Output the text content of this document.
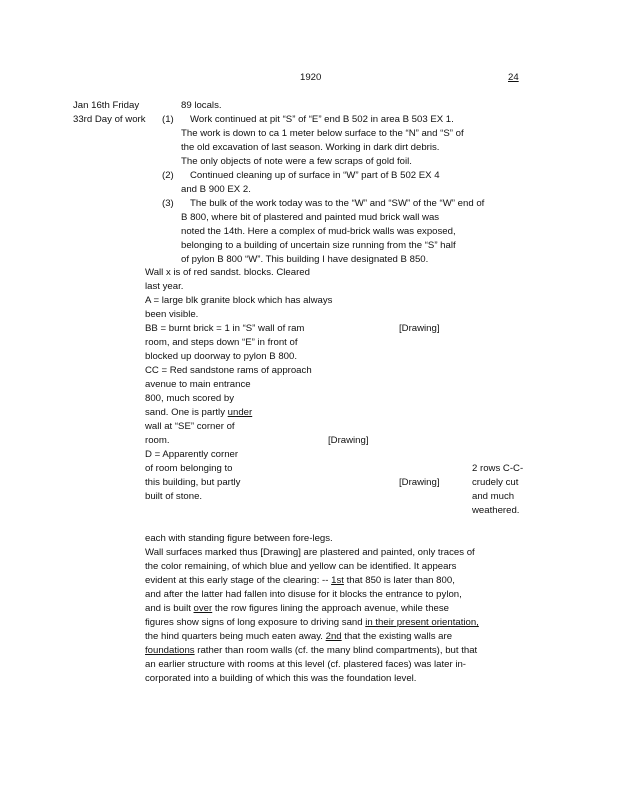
1920	24
Jan 16th Friday
33rd Day of work
89 locals.
(1) Work continued at pit “S” of “E” end B 502 in area B 503 EX 1.
The work is down to ca 1 meter below surface to the “N” and “S” of
the old excavation of last season. Working in dark dirt debris.
The only objects of note were a few scraps of gold foil.
(2) Continued cleaning up of surface in “W” part of B 502 EX 4
and B 900 EX 2.
(3) The bulk of the work today was to the “W” and “SW” of the “W” end of
B 800, where bit of plastered and painted mud brick wall was
noted the 14th. Here a complex of mud-brick walls was exposed,
belonging to a building of uncertain size running from the “S” half
of pylon B 800 “W”. This building I have designated B 850.
Wall x is of red sandst. blocks. Cleared
last year.
A = large blk granite block which has always
been visible.
BB = burnt brick = 1 in “S” wall of ram
room, and steps down “E” in front of
blocked up doorway to pylon B 800.
CC = Red sandstone rams of approach
avenue to main entrance
800, much scored by
sand. One is partly under
wall at “SE” corner of
room.
D = Apparently corner
of room belonging to
this building, but partly
built of stone.
[Drawing]
[Drawing]
[Drawing]
2 rows C-C-
crudely cut
and much
weathered.
each with standing figure between fore-legs.
Wall surfaces marked thus [Drawing] are plastered and painted, only traces of
the color remaining, of which blue and yellow can be identified. It appears
evident at this early stage of the clearing: -- 1st that 850 is later than 800,
and after the latter had fallen into disuse for it blocks the entrance to pylon,
and is built over the row figures lining the approach avenue, while these
figures show signs of long exposure to driving sand in their present orientation,
the hind quarters being much eaten away. 2nd that the existing walls are
foundations rather than room walls (cf. the many blind compartments), but that
an earlier structure with rooms at this level (cf. plastered faces) was later in-
corporated into a building of which this was the foundation level.
